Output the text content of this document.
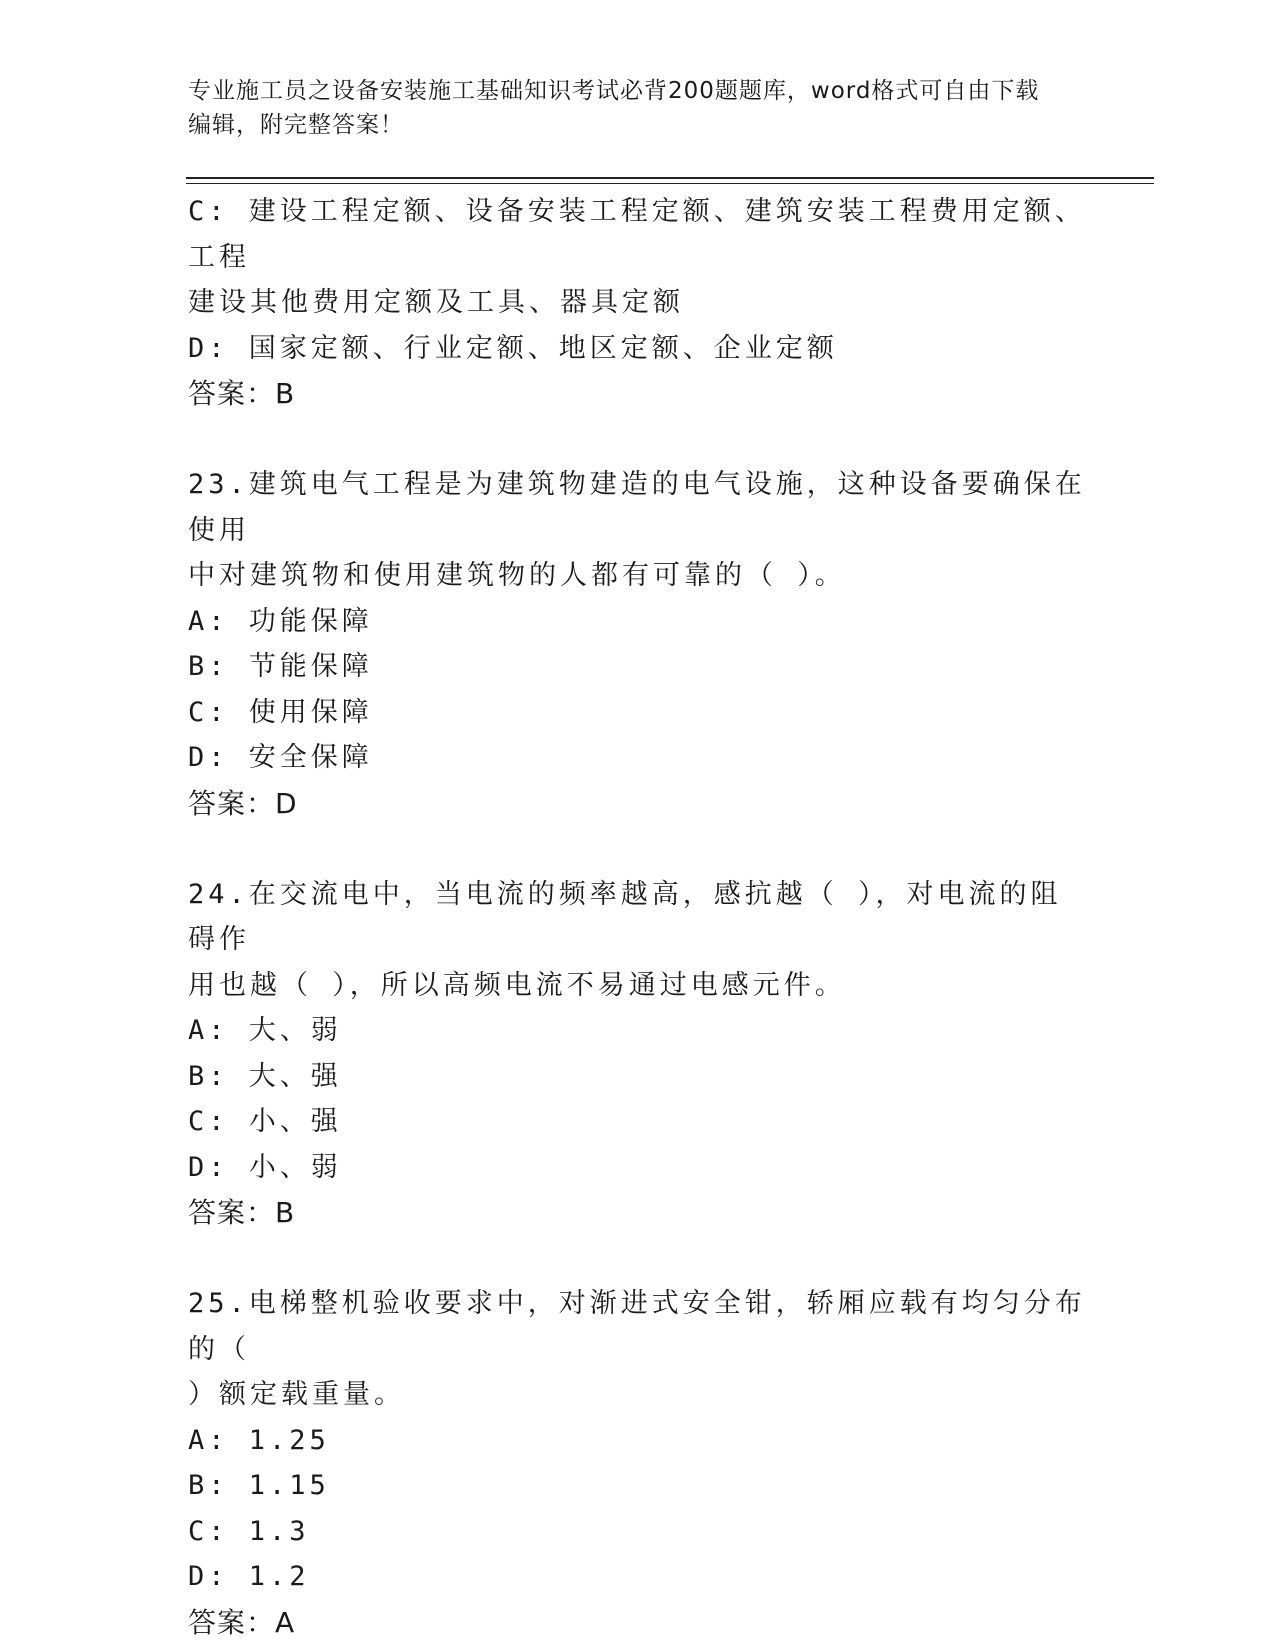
专业施工员之设备安装施工基础知识考试必背200题题库，word格式可自由下载
编辑，附完整答案！
C: 建设工程定额、设备安装工程定额、建筑安装工程费用定额、工程
建设其他费用定额及工具、器具定额
D: 国家定额、行业定额、地区定额、企业定额
答案：B
23.建筑电气工程是为建筑物建造的电气设施，这种设备要确保在使用
中对建筑物和使用建筑物的人都有可靠的（ ）。
A: 功能保障
B: 节能保障
C: 使用保障
D: 安全保障
答案：D
24.在交流电中，当电流的频率越高，感抗越（ ），对电流的阻碍作
用也越（ ），所以高频电流不易通过电感元件。
A: 大、弱
B: 大、强
C: 小、强
D: 小、弱
答案：B
25.电梯整机验收要求中，对渐进式安全钳，轿厢应载有均匀分布的（
）额定载重量。
A: 1.25
B: 1.15
C: 1.3
D: 1.2
答案：A
